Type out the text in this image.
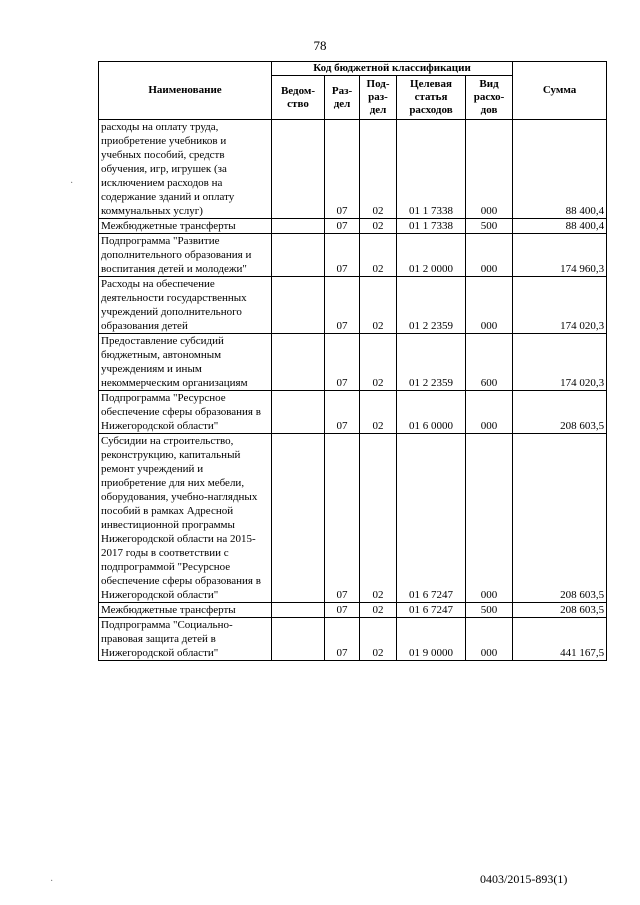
78
Наименование	Код бюджетной классификации					Сумма
	Ведом-ство	Раз-дел	Под-раз-дел	Целевая статья расходов	Вид расхо-дов	
расходы на оплату труда, приобретение учебников и учебных пособий, средств обучения, игр, игрушек (за исключением расходов на содержание зданий и оплату коммунальных услуг)		07	02	01 1 7338	000	88 400,4
Межбюджетные трансферты		07	02	01 1 7338	500	88 400,4
Подпрограмма "Развитие дополнительного образования и воспитания детей и молодежи"		07	02	01 2 0000	000	174 960,3
Расходы на обеспечение деятельности государственных учреждений дополнительного образования детей		07	02	01 2 2359	000	174 020,3
Предоставление субсидий бюджетным, автономным учреждениям и иным некоммерческим организациям		07	02	01 2 2359	600	174 020,3
Подпрограмма "Ресурсное обеспечение сферы образования в Нижегородской области"		07	02	01 6 0000	000	208 603,5
Субсидии на строительство, реконструкцию, капитальный ремонт учреждений и приобретение для них мебели, оборудования, учебно-наглядных пособий в рамках Адресной инвестиционной программы Нижегородской области на 2015-2017 годы в соответствии с подпрограммой "Ресурсное обеспечение сферы образования в Нижегородской области"		07	02	01 6 7247	000	208 603,5
Межбюджетные трансферты		07	02	01 6 7247	500	208 603,5
Подпрограмма "Социально-правовая защита детей в Нижегородской области"		07	02	01 9 0000	000	441 167,5
0403/2015-893(1)
·
·
